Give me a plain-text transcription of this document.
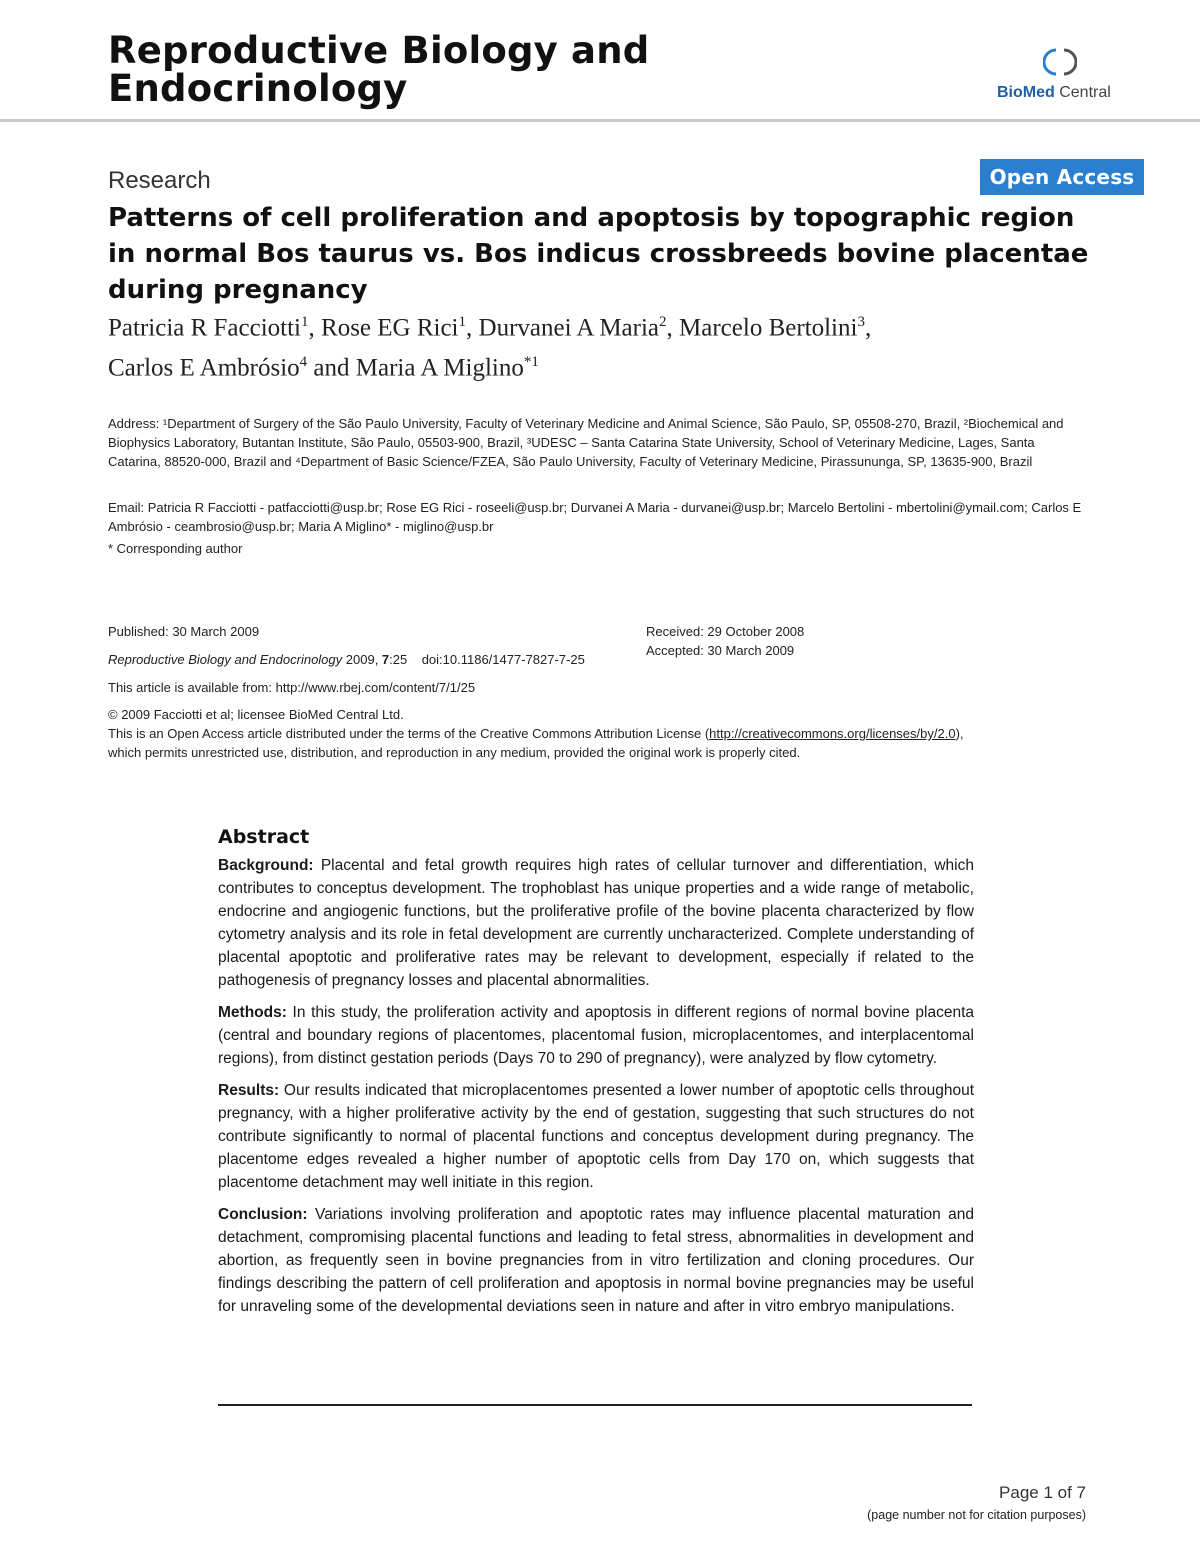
Reproductive Biology and
Endocrinology	BioMed Central
Research	Open Access
Patterns of cell proliferation and apoptosis by topographic region in normal Bos taurus vs. Bos indicus crossbreeds bovine placentae during pregnancy
Patricia R Facciotti$^1$, Rose EG Rici$^1$, Durvanei A Maria$^2$, Marcelo Bertolini$^3$,
Carlos E Ambrósio$^4$ and Maria A Miglino$^{*1}$
Address: ¹Department of Surgery of the São Paulo University, Faculty of Veterinary Medicine and Animal Science, São Paulo, SP, 05508-270, Brazil, ²Biochemical and Biophysics Laboratory, Butantan Institute, São Paulo, 05503-900, Brazil, ³UDESC – Santa Catarina State University, School of Veterinary Medicine, Lages, Santa Catarina, 88520-000, Brazil and ⁴Department of Basic Science/FZEA, São Paulo University, Faculty of Veterinary Medicine, Pirassununga, SP, 13635-900, Brazil
Email: Patricia R Facciotti - patfacciotti@usp.br; Rose EG Rici - roseeli@usp.br; Durvanei A Maria - durvanei@usp.br; Marcelo Bertolini - mbertolini@ymail.com; Carlos E Ambrósio - ceambrosio@usp.br; Maria A Miglino* - miglino@usp.br
* Corresponding author
Published: 30 March 2009
Reproductive Biology and Endocrinology 2009, 7:25 doi:10.1186/1477-7827-7-25
This article is available from: http://www.rbej.com/content/7/1/25
Received: 29 October 2008
Accepted: 30 March 2009
© 2009 Facciotti et al; licensee BioMed Central Ltd.
This is an Open Access article distributed under the terms of the Creative Commons Attribution License (http://creativecommons.org/licenses/by/2.0),
which permits unrestricted use, distribution, and reproduction in any medium, provided the original work is properly cited.
Abstract

Background: Placental and fetal growth requires high rates of cellular turnover and differentiation, which contributes to conceptus development. The trophoblast has unique properties and a wide range of metabolic, endocrine and angiogenic functions, but the proliferative profile of the bovine placenta characterized by flow cytometry analysis and its role in fetal development are currently uncharacterized. Complete understanding of placental apoptotic and proliferative rates may be relevant to development, especially if related to the pathogenesis of pregnancy losses and placental abnormalities.

Methods: In this study, the proliferation activity and apoptosis in different regions of normal bovine placenta (central and boundary regions of placentomes, placentomal fusion, microplacentomes, and interplacentomal regions), from distinct gestation periods (Days 70 to 290 of pregnancy), were analyzed by flow cytometry.

Results: Our results indicated that microplacentomes presented a lower number of apoptotic cells throughout pregnancy, with a higher proliferative activity by the end of gestation, suggesting that such structures do not contribute significantly to normal of placental functions and conceptus development during pregnancy. The placentome edges revealed a higher number of apoptotic cells from Day 170 on, which suggests that placentome detachment may well initiate in this region.

Conclusion: Variations involving proliferation and apoptotic rates may influence placental maturation and detachment, compromising placental functions and leading to fetal stress, abnormalities in development and abortion, as frequently seen in bovine pregnancies from in vitro fertilization and cloning procedures. Our findings describing the pattern of cell proliferation and apoptosis in normal bovine pregnancies may be useful for unraveling some of the developmental deviations seen in nature and after in vitro embryo manipulations.

Page 1 of 7
(page number not for citation purposes)
